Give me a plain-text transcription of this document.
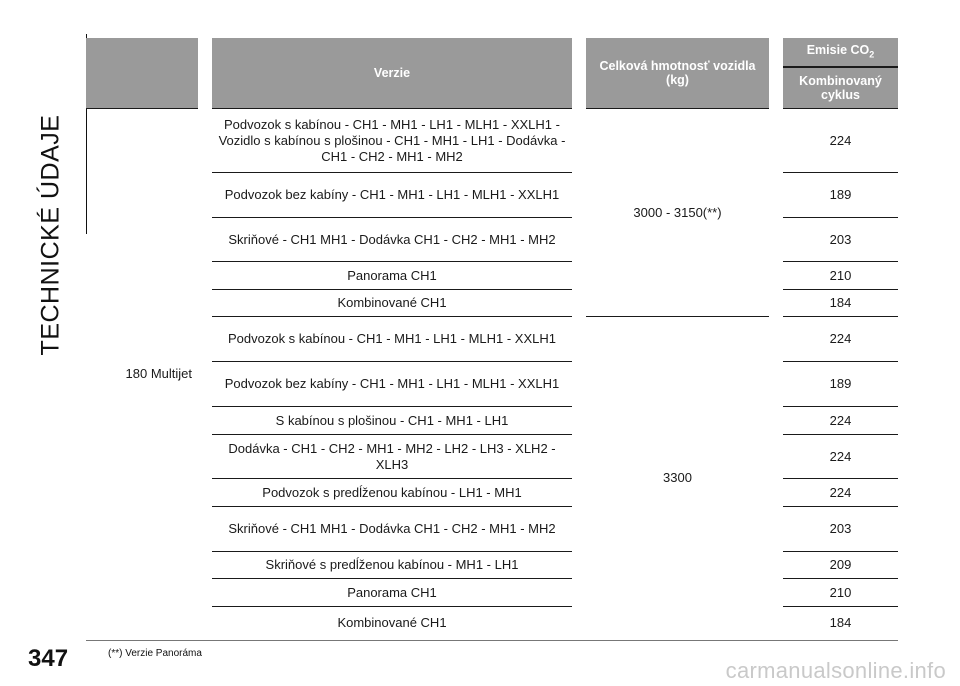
TECHNICKÉ ÚDAJE
		Verzie		Celková hmotnosť vozidla (kg)		Emisie $CO_2$
						Kombinovaný cyklus
180 Multijet		Podvozok s kabínou - CH1 - MH1 - LH1 - MLH1 - XXLH1 - Vozidlo s kabínou s plošinou - CH1 - MH1 - LH1 - Dodávka - CH1 - CH2 - MH1 - MH2		3000 - 3150(**)		224
		Podvozok bez kabíny - CH1 - MH1 - LH1 - MLH1 - XXLH1				189
		Skriňové - CH1 MH1 - Dodávka CH1 - CH2 - MH1 - MH2				203
		Panorama CH1				210
		Kombinované CH1				184
		Podvozok s kabínou - CH1 - MH1 - LH1 - MLH1 - XXLH1		3300		224
		Podvozok bez kabíny - CH1 - MH1 - LH1 - MLH1 - XXLH1				189
		S kabínou s plošinou - CH1 - MH1 - LH1				224
		Dodávka - CH1 - CH2 - MH1 - MH2 - LH2 - LH3 - XLH2 - XLH3				224
		Podvozok s predĺženou kabínou - LH1 - MH1				224
		Skriňové - CH1 MH1 - Dodávka CH1 - CH2 - MH1 - MH2				203
		Skriňové s predĺženou kabínou - MH1 - LH1				209
		Panorama CH1				210
		Kombinované CH1				184
347	(**) Verzie Panoráma
carmanualsonline.info
